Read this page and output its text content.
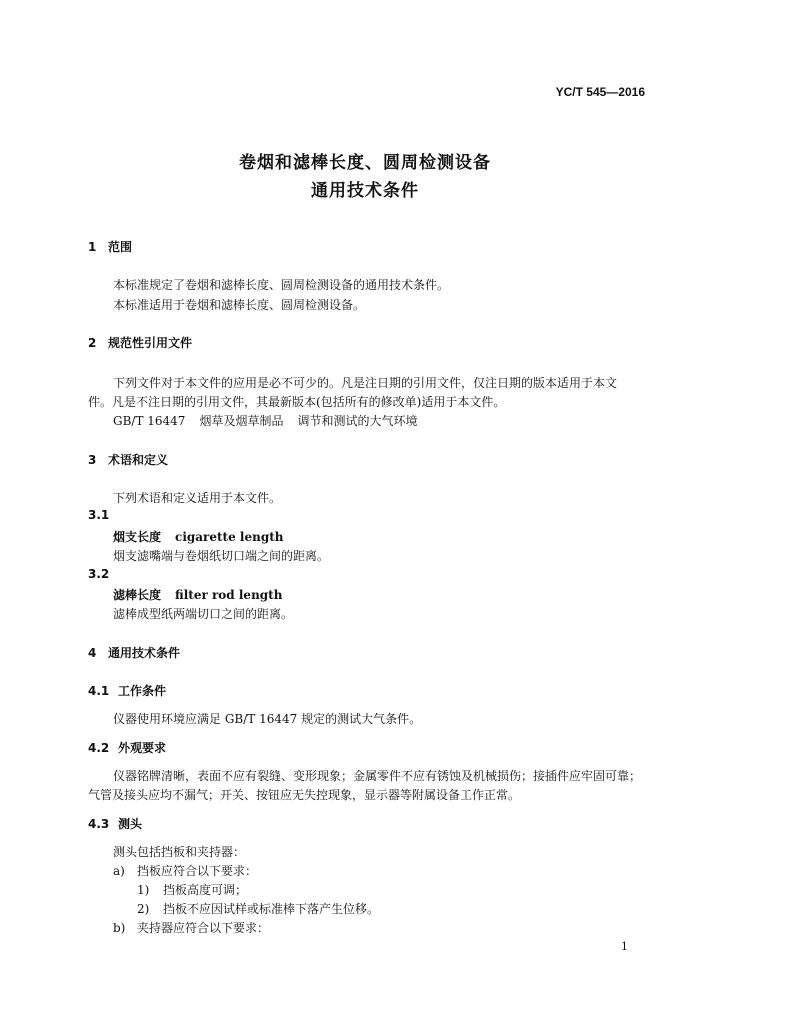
YC/T 545—2016
卷烟和滤棒长度、圆周检测设备
通用技术条件
1 范围
本标准规定了卷烟和滤棒长度、圆周检测设备的通用技术条件。
本标准适用于卷烟和滤棒长度、圆周检测设备。
2 规范性引用文件
下列文件对于本文件的应用是必不可少的。凡是注日期的引用文件，仅注日期的版本适用于本文
件。凡是不注日期的引用文件，其最新版本(包括所有的修改单)适用于本文件。
GB/T 16447 烟草及烟草制品 调节和测试的大气环境
3 术语和定义
下列术语和定义适用于本文件。
3.1
烟支长度 cigarette length
烟支滤嘴端与卷烟纸切口端之间的距离。
3.2
滤棒长度 filter rod length
滤棒成型纸两端切口之间的距离。
4 通用技术条件
4.1 工作条件
仪器使用环境应满足 GB/T 16447 规定的测试大气条件。
4.2 外观要求
仪器铭牌清晰，表面不应有裂缝、变形现象；金属零件不应有锈蚀及机械损伤；接插件应牢固可靠；
气管及接头应均不漏气；开关、按钮应无失控现象，显示器等附属设备工作正常。
4.3 测头
测头包括挡板和夹持器：
a) 挡板应符合以下要求：
1) 挡板高度可调；
2) 挡板不应因试样或标准棒下落产生位移。
b) 夹持器应符合以下要求：
1
